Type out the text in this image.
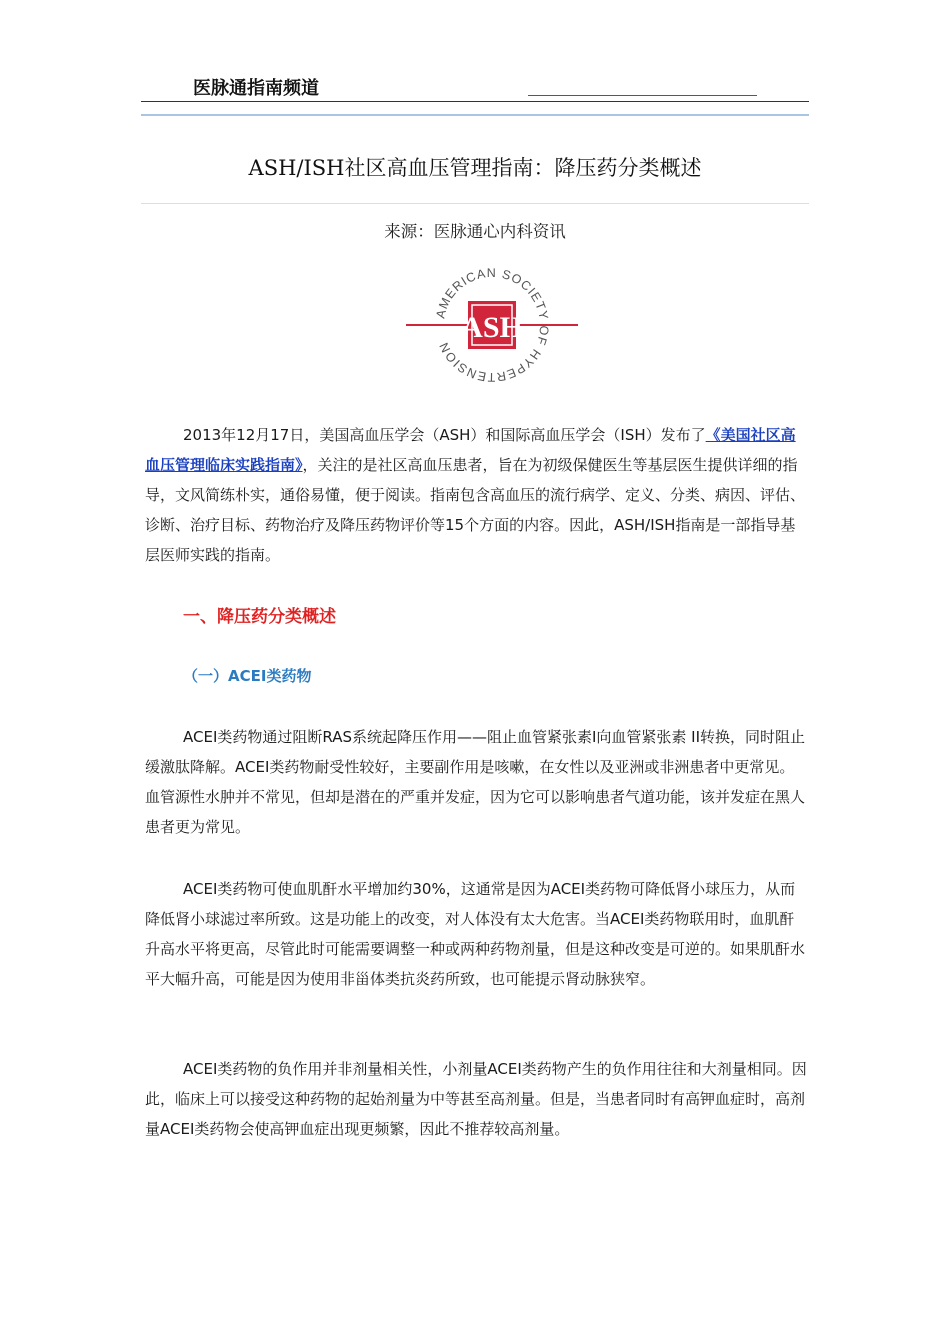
医脉通指南频道
ASH/ISH社区高血压管理指南：降压药分类概述
来源：医脉通心内科资讯
AMERICAN SOCIETY OF HYPERTENSION
ASH

2013年12月17日，美国高血压学会（ASH）和国际高血压学会（ISH）发布了《美国社区高血压管理临床实践指南》，关注的是社区高血压患者，旨在为初级保健医生等基层医生提供详细的指导，文风简练朴实，通俗易懂，便于阅读。指南包含高血压的流行病学、定义、分类、病因、评估、诊断、治疗目标、药物治疗及降压药物评价等15个方面的内容。因此，ASH/ISH指南是一部指导基层医师实践的指南。

一、降压药分类概述
（一）ACEI类药物

ACEI类药物通过阻断RAS系统起降压作用——阻止血管紧张素I向血管紧张素 II转换，同时阻止缓激肽降解。ACEI类药物耐受性较好，主要副作用是咳嗽，在女性以及亚洲或非洲患者中更常见。血管源性水肿并不常见，但却是潜在的严重并发症，因为它可以影响患者气道功能，该并发症在黑人患者更为常见。

ACEI类药物可使血肌酐水平增加约30%，这通常是因为ACEI类药物可降低肾小球压力，从而降低肾小球滤过率所致。这是功能上的改变，对人体没有太大危害。当ACEI类药物联用时，血肌酐升高水平将更高，尽管此时可能需要调整一种或两种药物剂量，但是这种改变是可逆的。如果肌酐水平大幅升高，可能是因为使用非甾体类抗炎药所致，也可能提示肾动脉狭窄。

ACEI类药物的负作用并非剂量相关性，小剂量ACEI类药物产生的负作用往往和大剂量相同。因此，临床上可以接受这种药物的起始剂量为中等甚至高剂量。但是，当患者同时有高钾血症时，高剂量ACEI类药物会使高钾血症出现更频繁，因此不推荐较高剂量。
